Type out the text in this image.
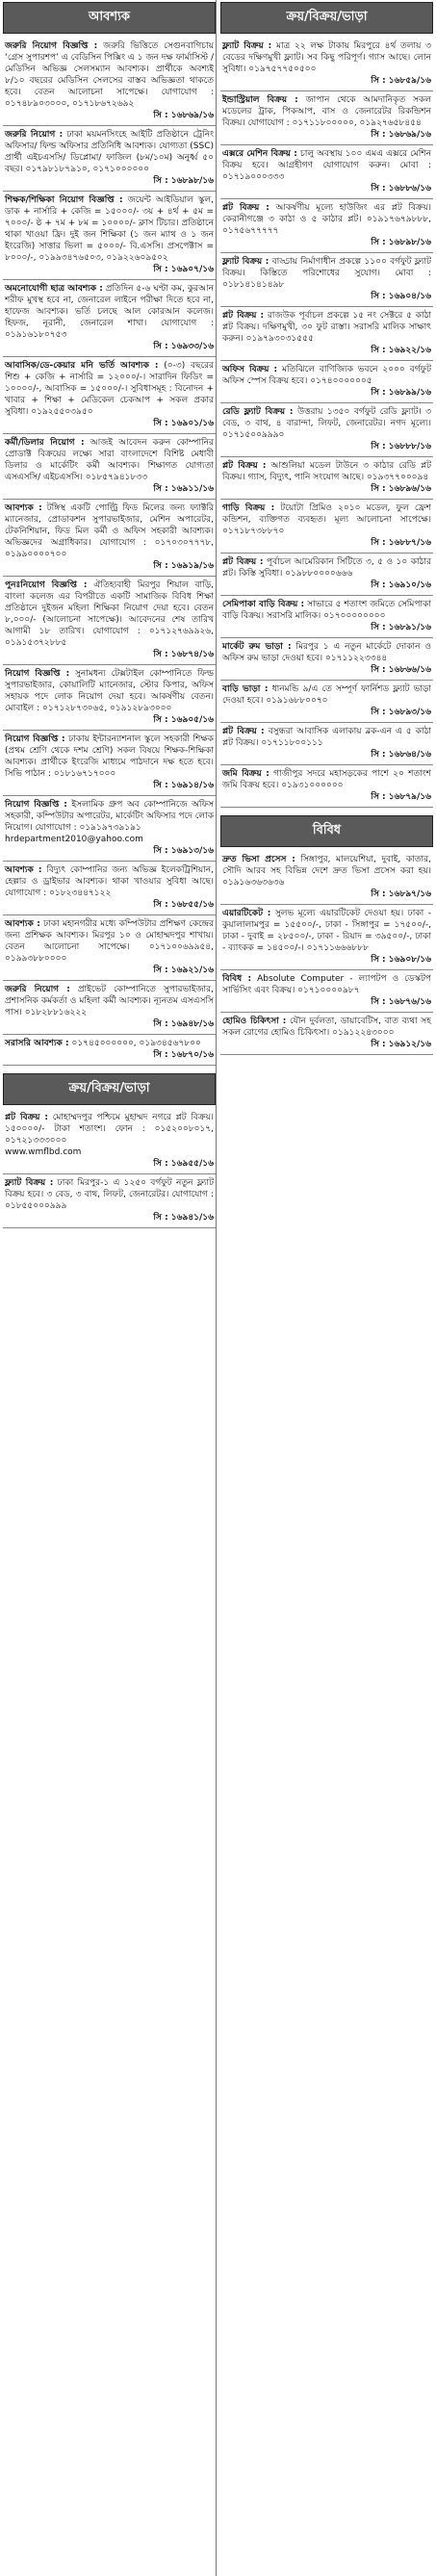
আবশ্যক
জরুরি নিয়োগ বিজ্ঞপ্তি : জরুরি ভিত্তিতে সেগুনবাগিচায় ‘গ্রেস সুপারশপ’ এ বেডিসিন পিক্সিং এ ১ জন দক্ষ ফার্মাসিস্ট / মেডিসিন অভিজ্ঞ সেলসম্যান আবশ্যক। প্রার্থীকে অবশ্যই ৮/১০ বছরের মেডিসিন সেলসের বাস্তব অভিজ্ঞতা থাকতে হবে। বেতন আলোচনা সাপেক্ষে। যোগাযোগ : ০১৭৪৮৯০৩০০০, ০১৭১৮৬৭২৬৯২
সি : ১৬৮৬৯/১৬
জরুরি নিয়োগ : ঢাকা ময়মনসিংহে আইটি প্রতিষ্ঠানে ট্রেনিং অফিসার/ ফিল্ড অফিসার প্রতিনিধি আবশ্যক। যোগ্যতা (SSC) প্রার্থী এইচএসসি/ ডিপ্লোমা/ ফাজিল (৮ম/১০ম) অনুর্ধ্ব ৫০ বছর। ০১৭৯৮১৮৭৯১০, ০১৭১০০০০০০
সি : ১৬৮৯৮/১৬
শিক্ষক/শিক্ষিকা নিয়োগ বিজ্ঞপ্তি : জয়েন্ট আইডিয়াল স্কুল, ডাক + নার্সারি + কেজি = ১৫০০০/- ৩য় + ৪র্থ + ৫ম = ৭০০০/- ষ্ঠ + ৭ম + ৮ম = ১০০০০/- ক্লাস টিচার। প্রতিষ্ঠানে থাকা খাওয়া ফ্রি। দুই জন শিক্ষিকা (১ জন ম্যাথ ও ১ জন ইংরেজি) সাত্তার ভিলা = ৫০০০/- বি.এসসি। প্রসপেক্টাস = ৮০০০/-, ০১৯৯৩৪৭৬৫০৩, ০১৯২২৬০৯৫০২
সি : ১৬৯০৭/১৬
অমনোযোগী ছাত্র আবশ্যক : প্রতিদিন ৫-৬ ঘণ্টা কম, কুরআন শরীফ মুখস্থ হবে না, জেনারেল লাইনে পরীক্ষা দিতে হবে না, হাফেজ আবশ্যক। ভর্তি চলছে আল কোরআন কলেজ। হিফজ, নূরানী, জেনারেল শাখা। যোগাযোগ : ০১৯১৬১৮০৭৫৩
সি : ১৬৯৩৩/১৬
আবাসিক/ডে-কেয়ার মনি ভর্তি আবশ্যক : (০-৩) বছরের শিশু + কেজি + নার্সারি = ১২০০০/-। সারাদিন ফিডিং = ১০০০০/-, আবাসিক = ১৫০০০/-। সুবিধাসমূহ : বিনোদন + খাবার + শিক্ষা + মেডিকেল চেকআপ + সকল প্রকার সুবিধা। ০১৯২৫৫০৩৯৫০
সি : ১৬৯০১/১৬
কর্মী/ডিলার নিয়োগ : আজই আবেদন করুন কোম্পানির প্রোডাক্ট বিক্রয়ের লক্ষ্যে সারা বাংলাদেশে বিশিষ্ট মেধাবী ডিলার ও মার্কেটিং কর্মী আবশ্যক। শিক্ষাগত যোগ্যতা এসএসসি/ এইচএসসি। ০১৮৫৭৯৪১৮৩৩
সি : ১৬৯১১/১৬
আবশ্যক : টঙ্গিস্থ একটি পোল্ট্রি ফিড মিলের জন্য ফ্যাক্টরি ম্যানেজার, প্রোডাকশন সুপারভাইজার, মেশিন অপারেটর, টেকনিশিয়ান, ফিড মিল কর্মী ও অফিস সহকারী আবশ্যক। অভিজ্ঞদের অগ্রাধিকার। যোগাযোগ : ০১৭০৩০৭৭৭৮, ০১৯৯০০০০৭০০
সি : ১৬৯১৯/১৬
পুনঃনিয়োগ বিজ্ঞপ্তি : ঐতিহ্যবাহী মিরপুর শিয়াল বাড়ি, বাংলা কলেজ এর বিপরীতে একটি সামাজিক বিবিধ শিক্ষা প্রতিষ্ঠানে দুইজন মহিলা শিক্ষিকা নিয়োগ দেয়া হবে। বেতন ৮,০০০/- (আলোচনা সাপেক্ষে)। আবেদনের শেষ তারিখ আগামী ১৮ তারিখ। যোগাযোগ : ০১৭১২৭৬৯৯২৬, ০১৯১৫৩৭২৮৮৫
সি : ১৬৮৭৪/১৬
নিয়োগ বিজ্ঞপ্তি : সুনামধন্য টেক্সটাইল কোম্পানিতে ফিল্ড সুপারভাইজার, কোয়ালিটি ম্যানেজার, স্টোর কিপার, অফিস সহায়ক পদে লোক নিয়োগ দেয়া হবে। আকর্ষণীয় বেতন। মোবাইল : ০১৭১২৮৭৩০৬৫, ০১৯১২৮৯৩০০০
সি : ১৬৯০৫/১৬
নিয়োগ বিজ্ঞপ্তি : ঢাকায় ইন্টারন্যাশনাল স্কুলে সহকারী শিক্ষক (প্রথম শ্রেণি থেকে দশম শ্রেণি) সকল বিষয়ে শিক্ষক-শিক্ষিকা আবশ্যক। প্রার্থীকে ইংরেজি মাধ্যমে পাঠদানে দক্ষ হতে হবে। সিভি পাঠান : ০১৮১৬৭১৭০০০
সি : ১৬৯১৪/১৬
নিয়োগ বিজ্ঞপ্তি : ইসলামিক গ্রুপ অব কোম্পানিজে অফিস সহকারী, কম্পিউটার অপারেটর, মার্কেটিং অফিসার পদে লোক নিয়োগ। যোগাযোগ : ০১৯১৯৭৩৯১৯১
hrdepartment2010@yahoo.com
সি : ১৬৯১৩/১৬
আবশ্যক : বিদ্যুৎ কোম্পানির জন্য অভিজ্ঞ ইলেকট্রিশিয়ান, হেল্পার ও ড্রাইভার আবশ্যক। থাকা খাওয়ার সুবিধা আছে। যোগাযোগ : ০১৮২৩৪৪৭১২২
সি : ১৬৮৫৫/১৬
আবশ্যক : ঢাকা মহানগরীর মধ্যে কম্পিউটার প্রশিক্ষণ কেন্দ্রের জন্য প্রশিক্ষক আবশ্যক। মিরপুর ১০ ও মোহাম্মদপুর শাখায়। বেতন আলোচনা সাপেক্ষে। ০১৭১০০৬৯৯৫৪, ০১৯৯৩৮৮০০০০
সি : ১৬৯২১/১৬
জরুরি নিয়োগ : প্রাইভেট কোম্পানিতে সুপারভাইজার, প্রশাসনিক কর্মকর্তা ও মহিলা কর্মী আবশ্যক। ন্যূনতম এসএসসি পাস। ০১৮২৮৮১৬২২২
সি : ১৬৯৪৮/১৬
সরাসরি আবশ্যক : ০১৭৪৫০০০০০০, ০১৯৩৪৫৬৭৮০০
সি : ১৬৮৭০/১৬
ক্রয়/বিক্রয়/ভাড়া
প্লট বিক্রয় : মোহাম্মদপুর পশ্চিমে মুহাম্মদ নগরে প্লট বিক্রয়। ১৫০০০০/- টাকা শতাংশ। ফোন : ০১৫২০০৮০১৭, ০১৭২১৩৩৩০০০
www.wmflbd.com
সি : ১৬৯৫৫/১৬
ফ্ল্যাট বিক্রয় : ঢাকা মিরপুর-১ এ ১২৫০ বর্গফুট নতুন ফ্ল্যাট বিক্রয় হবে। ৩ বেড, ৩ বাথ, লিফট, জেনারেটর। যোগাযোগ : ০১৮৫৫০০০৯৯৯
সি : ১৬৯৪১/১৬
ক্রয়/বিক্রয়/ভাড়া
ফ্ল্যাট বিক্রয় : মাত্র ২২ লক্ষ টাকায় মিরপুরে ৪র্থ তলায় ৩ বেডের দক্ষিণমুখী ফ্ল্যাট। সব কিছু পরিপূর্ণ। গ্যাস আছে। লোন সুবিধা। ০১৯৭৫৭৭৫০৫০০
সি : ১৬৮৫৯/১৬
ইন্ডাস্ট্রিয়াল বিক্রয় : জাপান থেকে আমদানিকৃত সকল মডেলের ট্রাক, পিকআপ, বাস ও জেনারেটর রিকন্ডিশন বিক্রয়। যোগাযোগ : ০১৭১১৮০০০০০, ০১৯২৭৬৫৮৪৫৪
সি : ১৬৮৬৯/১৬
এক্সরে মেশিন বিক্রয় : চালু অবস্থায় ১০০ এমএ এক্সরে মেশিন বিক্রয় হবে। আগ্রহীগণ যোগাযোগ করুন। মোবা : ০১৭১৯০০০৩৩৩
সি : ১৬৮৮৬/১৬
প্লট বিক্রয় : আকর্ষণীয় মূল্যে হাউজিং এর প্লট বিক্রয়। কেরানীগঞ্জে ৩ কাঠা ও ৫ কাঠার প্লট। ০১৯১৭৬৭৯৮৮৮, ০১৭৫৬৭৭৭৭৭
সি : ১৬৮৯৮/১৬
ফ্ল্যাট বিক্রয় : বাড্ডায় নির্মাণাধীন প্রকল্পে ১১০০ বর্গফুট ফ্ল্যাট বিক্রয়। কিস্তিতে পরিশোধের সুযোগ। মোবা : ০১৮১৪১৪১৪৯৮
সি : ১৬৯০৪/১৬
প্লট বিক্রয় : রাজউক পূর্বাচল প্রকল্পে ১৫ নং সেক্টরে ৫ কাঠা প্লট বিক্রয়। দক্ষিণমুখী, ৩০ ফুট রাস্তা। সরাসরি মালিক সাক্ষাৎ করুন। ০১৯৭৯৩০৩১৫৫৫
সি : ১৬৯২২/১৬
অফিস বিক্রয় : মতিঝিলে বাণিজ্যিক ভবনে ২০০০ বর্গফুট অফিস স্পেস বিক্রয় হবে। ০১৭৪০০০০০০৫
সি : ১৬৮৯৯/১৬
রেডি ফ্ল্যাট বিক্রয় : উত্তরায় ১৩৫০ বর্গফুট রেডি ফ্ল্যাট। ৩ বেড, ৩ বাথ, ৪ বারান্দা, লিফট, জেনারেটর। নগদ মূল্যে। ০১৭১৫০০৯৯৯০
সি : ১৬৮৮৮/১৬
প্লট বিক্রয় : আশুলিয়া মডেল টাউনে ৩ কাঠার রেডি প্লট বিক্রয়। গ্যাস, বিদ্যুৎ, পানি সংযোগ আছে। ০১৯৩৭৭০০০৯৪
সি : ১৬৮৯৬/১৬
গাড়ি বিক্রয় : টয়োটা প্রিমিও ২০১০ মডেল, ফুল ফ্রেশ কন্ডিশন, ব্যক্তিগত ব্যবহৃত। মূল্য আলোচনা সাপেক্ষে। ০১৭১৮৭৩৮৮৭০
সি : ১৬৮৮৭/১৬
প্লট বিক্রয় : পূর্বাচল আমেরিকান সিটিতে ৩, ৫ ও ১০ কাঠার প্লট। কিস্তি সুবিধা। ০১৯৮৮০০০০৬৬৬
সি : ১৬৯১০/১৬
সেমিপাকা বাড়ি বিক্রয় : সাভারে ৫ শতাংশ জমিতে সেমিপাকা বাড়ি বিক্রয়। সরাসরি মালিক। ০১৭০০০০০০০০
সি : ১৬৮৯১/১৬
মার্কেট রুম ভাড়া : মিরপুর ১ এ নতুন মার্কেটে দোকান ও অফিস রুম ভাড়া দেওয়া হবে। ০১৭১১২২৩৩৪৪
সি : ১৬৮৬৬/১৬
বাড়ি ভাড়া : ধানমন্ডি ৯/এ তে সম্পূর্ণ ফার্নিশড ফ্ল্যাট ভাড়া দেওয়া হবে। ০১৯১৬৮৮০০৭০
সি : ১৬৮৯৩/১৬
প্লট বিক্রয় : বসুন্ধরা আবাসিক এলাকায় ব্লক-এন এ ৫ কাঠা প্লট বিক্রয়। ০১৭১১৮০০১১১
সি : ১৬৮৬৪/১৬
জমি বিক্রয় : গাজীপুর সদরে মহাসড়কের পাশে ২০ শতাংশ জমি বিক্রয় হবে। ০১৯৩১০০০০০০
সি : ১৬৮৭৯/১৬
বিবিধ
দ্রুত ভিসা প্রসেস : সিঙ্গাপুর, মালয়েশিয়া, দুবাই, কাতার, সৌদি আরব সহ বিভিন্ন দেশে দ্রুত ভিসা প্রসেস করা হয়। ০১৯১৬৩৬৩৬৩৬
সি : ১৬৮৯৭/১৬
এয়ারটিকেট : সুলভ মূল্যে এয়ারটিকেট দেওয়া হয়। ঢাকা - কুয়ালালামপুর = ১৫৫০০/-, ঢাকা - সিঙ্গাপুর = ১৭৫০০/-, ঢাকা - দুবাই = ২৮৫০০/-, ঢাকা - রিয়াদ = ৩৯৫০০/-, ঢাকা - ব্যাংকক = ১৪৫০০/-। ০১৭১১৬৬৬৮৮৮
সি : ১৬৯০৮/১৬
বিবিধ : Absolute Computer - ল্যাপটপ ও ডেস্কটপ সার্ভিসিং এবং বিক্রয়। ০১৭১০০০০৯৮৭
সি : ১৬৮৭৬/১৬
হোমিও চিকিৎসা : যৌন দুর্বলতা, ডায়াবেটিস, বাত ব্যথা সহ সকল রোগের হোমিও চিকিৎসা। ০১৯১২২৪৩০০০
সি : ১৬৯১২/১৬
